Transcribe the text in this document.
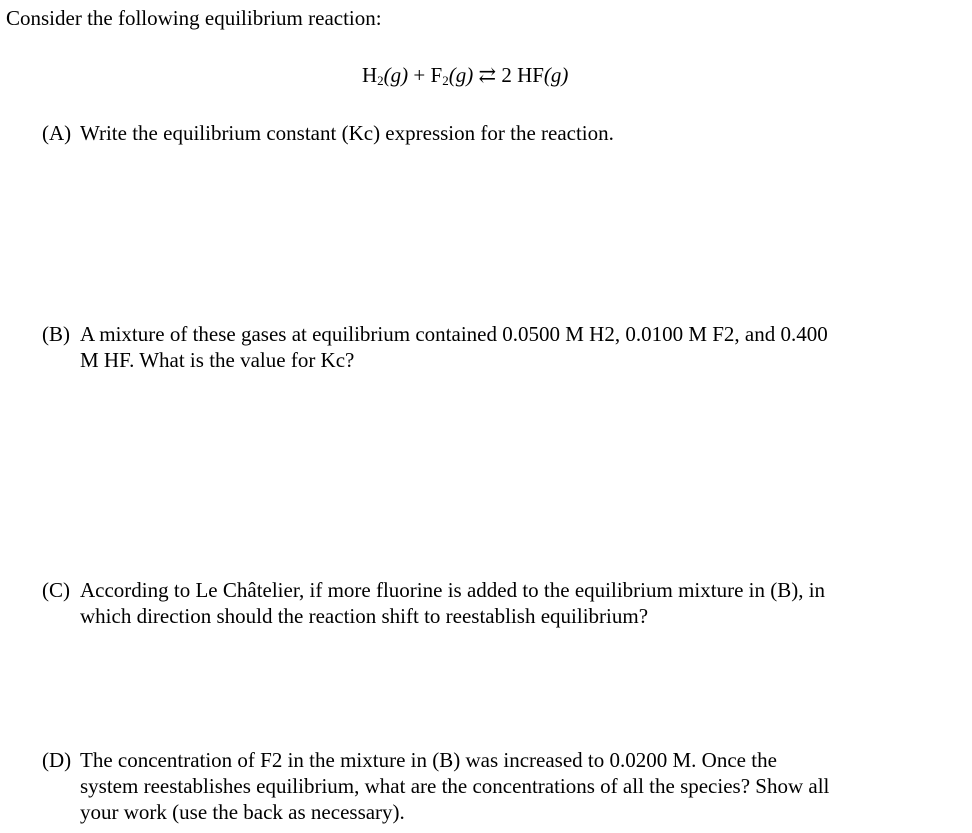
Consider the following equilibrium reaction:
$H_2(g) + F_2(g)$ ⇄ 2 HF(g)
(A) Write the equilibrium constant (Kc) expression for the reaction.
(B) A mixture of these gases at equilibrium contained 0.0500 M H2, 0.0100 M F2, and 0.400
M HF. What is the value for Kc?
(C) According to Le Châtelier, if more fluorine is added to the equilibrium mixture in (B), in
which direction should the reaction shift to reestablish equilibrium?
(D) The concentration of F2 in the mixture in (B) was increased to 0.0200 M. Once the
system reestablishes equilibrium, what are the concentrations of all the species? Show all
your work (use the back as necessary).
